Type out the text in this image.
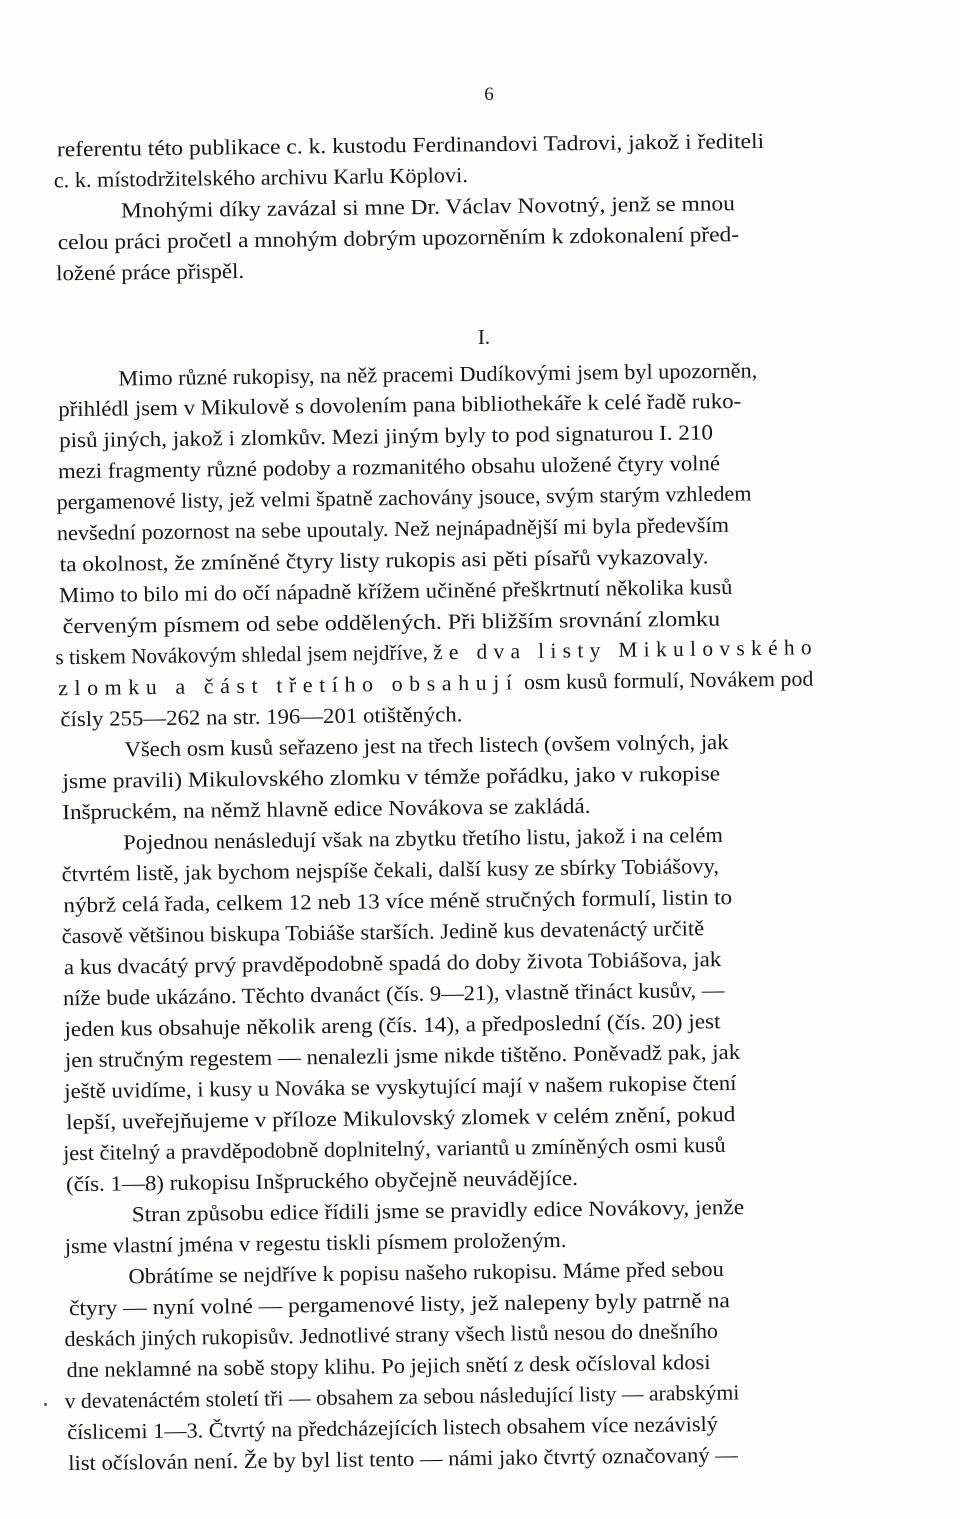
6
referentu této publikace c. k. kustodu Ferdinandovi Tadrovi, jakož i řediteli
c. k. místodržitelského archivu Karlu Köplovi.
Mnohými díky zavázal si mne Dr. Václav Novotný, jenž se mnou
celou práci pročetl a mnohým dobrým upozorněním k zdokonalení před-
ložené práce přispěl.
I.
Mimo různé rukopisy, na něž pracemi Dudíkovými jsem byl upozorněn,
přihlédl jsem v Mikulově s dovolením pana bibliothekáře k celé řadě ruko-
pisů jiných, jakož i zlomkův. Mezi jiným byly to pod signaturou I. 210
mezi fragmenty různé podoby a rozmanitého obsahu uložené čtyry volné
pergamenové listy, jež velmi špatně zachovány jsouce, svým starým vzhledem
nevšední pozornost na sebe upoutaly. Než nejnápadnější mi byla především
ta okolnost, že zmíněné čtyry listy rukopis asi pěti písařů vykazovaly.
Mimo to bilo mi do očí nápadně křížem učiněné přeškrtnutí několika kusů
červeným písmem od sebe oddělených. Při bližším srovnání zlomku
s tiskem Novákovým shledal jsem nejdříve, že dva listy Mikulovského
zlomku a část třetího obsahují osm kusů formulí, Novákem pod
čísly 255—262 na str. 196—201 otištěných.
Všech osm kusů seřazeno jest na třech listech (ovšem volných, jak
jsme pravili) Mikulovského zlomku v témže pořádku, jako v rukopise
Inšpruckém, na němž hlavně edice Novákova se zakládá.
Pojednou nenásledují však na zbytku třetího listu, jakož i na celém
čtvrtém listě, jak bychom nejspíše čekali, další kusy ze sbírky Tobiášovy,
nýbrž celá řada, celkem 12 neb 13 více méně stručných formulí, listin to
časově většinou biskupa Tobiáše starších. Jedině kus devatenáctý určitě
a kus dvacátý prvý pravděpodobně spadá do doby života Tobiášova, jak
níže bude ukázáno. Těchto dvanáct (čís. 9—21), vlastně třináct kusův, —
jeden kus obsahuje několik areng (čís. 14), a předposlední (čís. 20) jest
jen stručným regestem — nenalezli jsme nikde tištěno. Poněvadž pak, jak
ještě uvidíme, i kusy u Nováka se vyskytující mají v našem rukopise čtení
lepší, uveřejňujeme v příloze Mikulovský zlomek v celém znění, pokud
jest čitelný a pravděpodobně doplnitelný, variantů u zmíněných osmi kusů
(čís. 1—8) rukopisu Inšpruckého obyčejně neuvádějíce.
Stran způsobu edice řídili jsme se pravidly edice Novákovy, jenže
jsme vlastní jména v regestu tiskli písmem proloženým.
Obrátíme se nejdříve k popisu našeho rukopisu. Máme před sebou
čtyry — nyní volné — pergamenové listy, jež nalepeny byly patrně na
deskách jiných rukopisův. Jednotlivé strany všech listů nesou do dnešního
dne neklamné na sobě stopy klihu. Po jejich snětí z desk očísloval kdosi
v devatenáctém století tři — obsahem za sebou následující listy — arabskými
číslicemi 1—3. Čtvrtý na předcházejících listech obsahem více nezávislý
list očíslován není. Že by byl list tento — námi jako čtvrtý označovaný —
